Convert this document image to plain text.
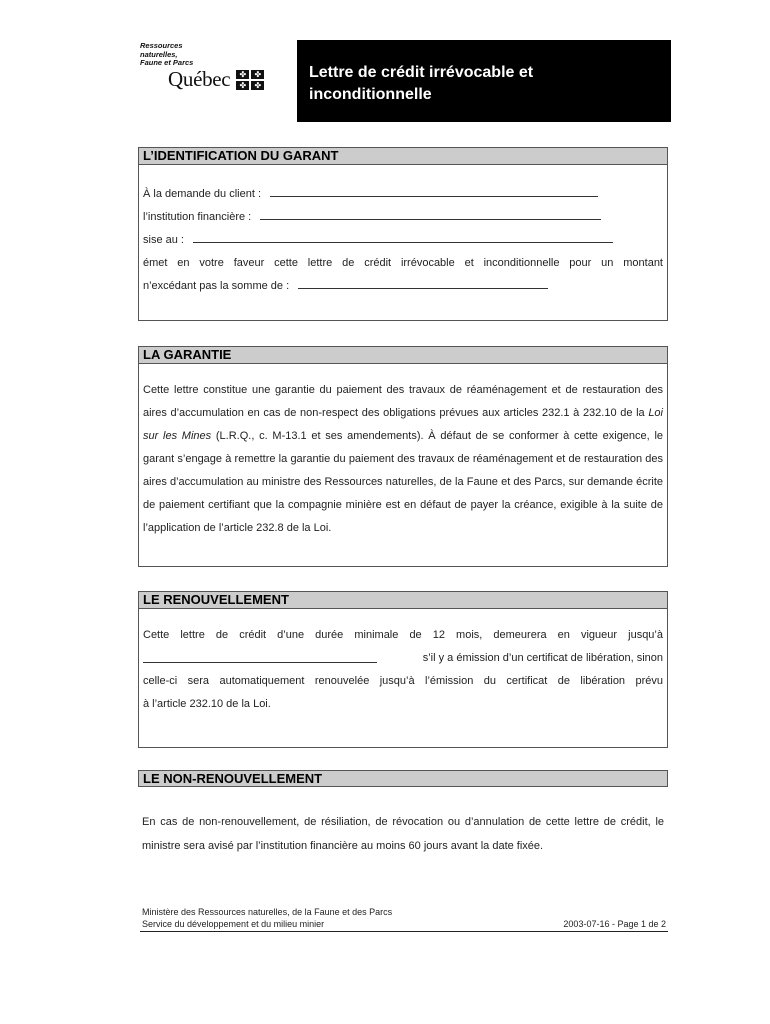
Ressources
naturelles,
Faune et Parcs
Québec	✤	✤
✤	✤
Lettre de crédit irrévocable et
inconditionnelle
L’IDENTIFICATION DU GARANT
À la demande du client :
l’institution financière :
sise au :
émet en votre faveur cette lettre de crédit irrévocable et inconditionnelle pour un montant
n’excédant pas la somme de :
LA GARANTIE
Cette lettre constitue une garantie du paiement des travaux de réaménagement et de restauration des aires d’accumulation en cas de non-respect des obligations prévues aux articles 232.1 à 232.10 de la Loi sur les Mines (L.R.Q., c. M-13.1 et ses amendements). À défaut de se conformer à cette exigence, le garant s’engage à remettre la garantie du paiement des travaux de réaménagement et de restauration des aires d’accumulation au ministre des Ressources naturelles, de la Faune et des Parcs, sur demande écrite de paiement certifiant que la compagnie minière est en défaut de payer la créance, exigible à la suite de l’application de l’article 232.8 de la Loi.
LE RENOUVELLEMENT
Cette lettre de crédit d’une durée minimale de 12 mois, demeurera en vigueur jusqu’à
s’il y a émission d’un certificat de libération, sinon
celle-ci sera automatiquement renouvelée jusqu’à l’émission du certificat de libération prévu
à l’article 232.10 de la Loi.
LE NON-RENOUVELLEMENT
En cas de non-renouvellement, de résiliation, de révocation ou d’annulation de cette lettre de crédit, le ministre sera avisé par l’institution financière au moins 60 jours avant la date fixée.
Ministère des Ressources naturelles, de la Faune et des Parcs
Service du développement et du milieu minier	2003-07-16 - Page 1 de 2
